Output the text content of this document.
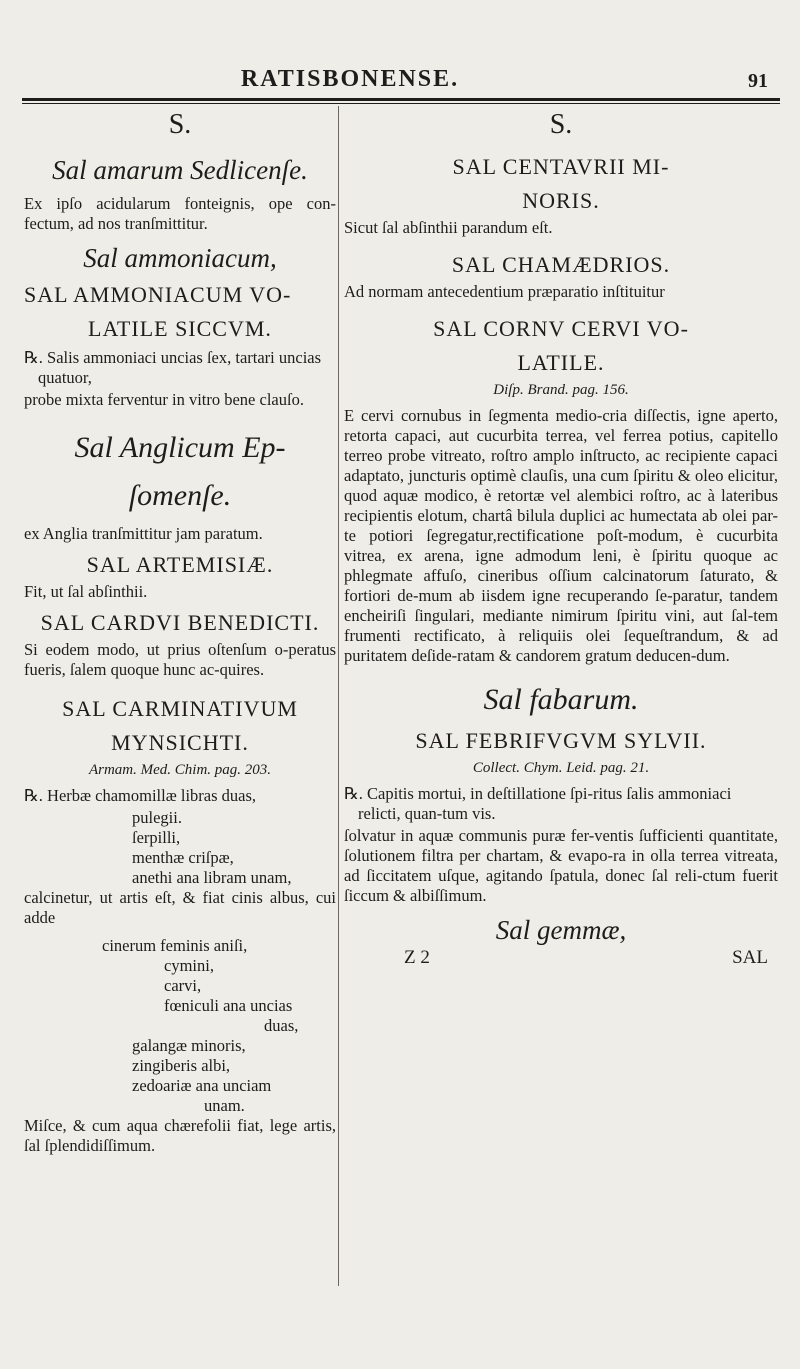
RATISBONENSE.	91
S.
Sal amarum Sedlicenſe.
Ex ipſo acidularum fonteignis, ope con-fectum, ad nos tranſmittitur.
Sal ammoniacum,
SAL AMMONIACUM VO-
LATILE SICCVM.
℞. Salis ammoniaci uncias ſex, tartari uncias quatuor,
probe mixta ferventur in vitro bene clauſo.
Sal Anglicum Ep-
ſomenſe.
ex Anglia tranſmittitur jam paratum.
SAL ARTEMISIÆ.
Fit, ut ſal abſinthii.
SAL CARDVI BENEDICTI.
Si eodem modo, ut prius oſtenſum o-peratus fueris, ſalem quoque hunc ac-quires.
SAL CARMINATIVUM
MYNSICHTI.
Armam. Med. Chim. pag. 203.
℞. Herbæ chamomillæ libras duas,
pulegii.
ſerpilli,
menthæ criſpæ,
anethi ana libram unam,
calcinetur, ut artis eſt, & fiat cinis albus, cui adde
cinerum feminis aniſi,
cymini,
carvi,
fœniculi ana uncias
duas,
galangæ minoris,
zingiberis albi,
zedoariæ ana unciam
unam.
Miſce, & cum aqua chærefolii fiat, lege artis, ſal ſplendidiſſimum.
S.
SAL CENTAVRII MI-
NORIS.
Sicut ſal abſinthii parandum eſt.
SAL CHAMÆDRIOS.
Ad normam antecedentium præparatio inſtituitur
SAL CORNV CERVI VO-
LATILE.
Diſp. Brand. pag. 156.
E cervi cornubus in ſegmenta medio-cria diſſectis, igne aperto, retorta capaci, aut cucurbita terrea, vel ferrea potius, capitello terreo probe vitreato, roſtro amplo inſtructo, ac recipiente capaci adaptato, juncturis optimè clauſis, una cum ſpiritu & oleo elicitur, quod aquæ modico, è retortæ vel alembici roſtro, ac à lateribus recipientis elotum, chartâ bilula duplici ac humectata ab olei par-te potiori ſegregatur,rectificatione poſt-modum, è cucurbita vitrea, ex arena, igne admodum leni, è ſpiritu quoque ac phlegmate affuſo, cineribus oſſium calcinatorum ſaturato, & fortiori de-mum ab iisdem igne recuperando ſe-paratur, tandem encheiriſi ſingulari, mediante nimirum ſpiritu vini, aut ſal-tem frumenti rectificato, à reliquiis olei ſequeſtrandum, & ad puritatem deſide-ratam & candorem gratum deducen-dum.
Sal fabarum.
SAL FEBRIFVGVM SYLVII.
Collect. Chym. Leid. pag. 21.
℞. Capitis mortui, in deſtillatione ſpi-ritus ſalis ammoniaci relicti, quan-tum vis.
ſolvatur in aquæ communis puræ fer-ventis ſufficienti quantitate, ſolutionem filtra per chartam, & evapo-ra in olla terrea vitreata, ad ſiccitatem uſque, agitando ſpatula, donec ſal reli-ctum fuerit ſiccum & albiſſimum.
Sal gemmæ,
Z 2	SAL
